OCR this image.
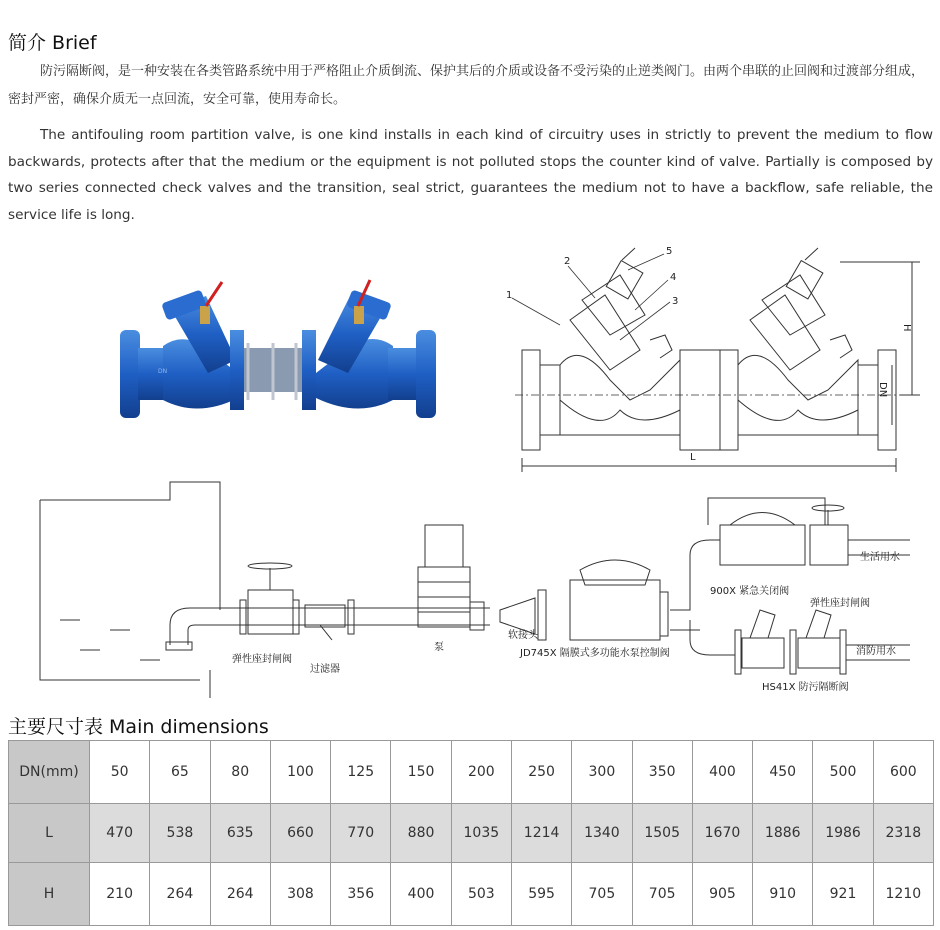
简介 Brief
防污隔断阀，是一种安装在各类管路系统中用于严格阻止介质倒流、保护其后的介质或设备不受污染的止逆类阀门。由两个串联的止回阀和过渡部分组成，密封严密，确保介质无一点回流，安全可靠，使用寿命长。
The antifouling room partition valve, is one kind installs in each kind of circuitry uses in strictly to prevent the medium to flow backwards, protects after that the medium or the equipment is not polluted stops the counter kind of valve. Partially is composed by two series connected check valves and the transition, seal strict, guarantees the medium not to have a backflow, safe reliable, the service life is long.
DN
1
2
3
4
5
H
DN
L
弹性座封闸阀
过滤器
泵
软接头
JD745X 隔膜式多功能水泵控制阀
900X 紧急关闭阀
弹性座封闸阀
生活用水
消防用水
HS41X 防污隔断阀
主要尺寸表 Main dimensions
DN(mm)	50	65	80	100	125	150	200	250	300	350	400	450	500	600
L	470	538	635	660	770	880	1035	1214	1340	1505	1670	1886	1986	2318
H	210	264	264	308	356	400	503	595	705	705	905	910	921	1210
